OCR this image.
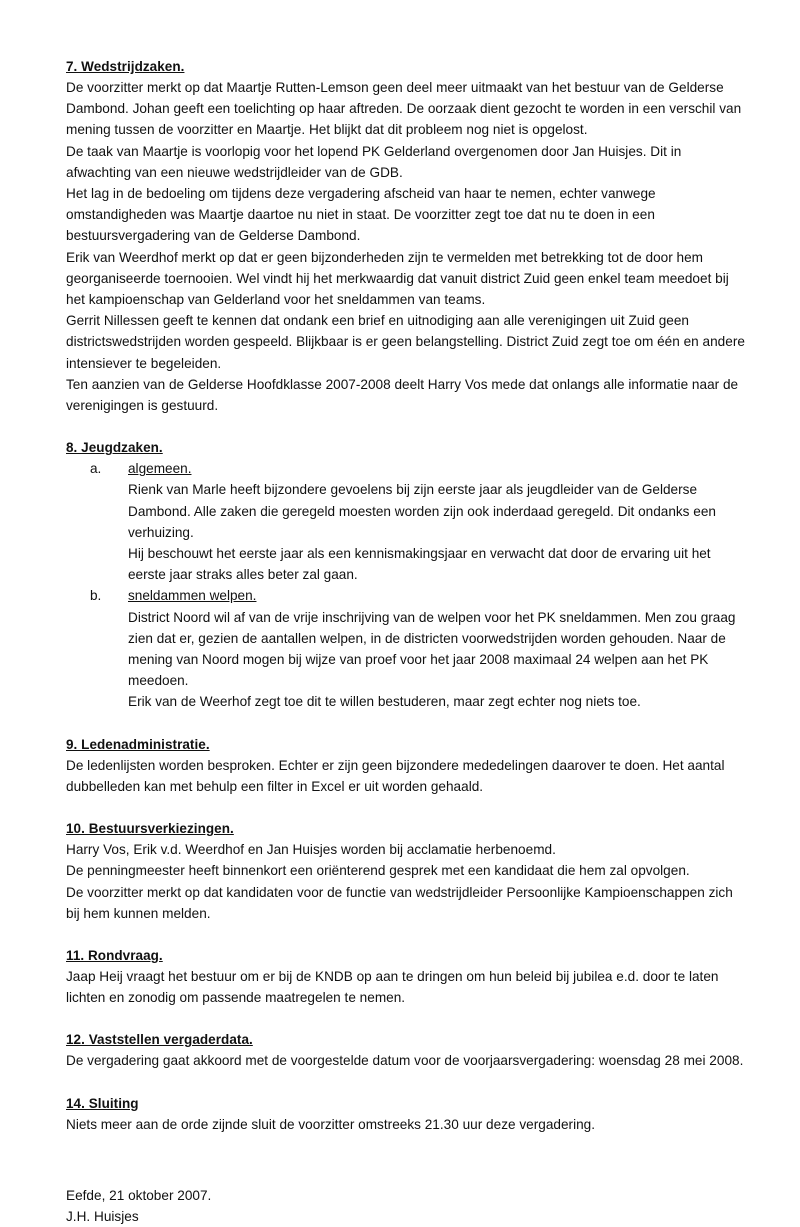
7. Wedstrijdzaken.

De voorzitter merkt op dat Maartje Rutten-Lemson geen deel meer uitmaakt van het bestuur van de Gelderse Dambond. Johan geeft een toelichting op haar aftreden. De oorzaak dient gezocht te worden in een verschil van mening tussen de voorzitter en Maartje. Het blijkt dat dit probleem nog niet is opgelost.

De taak van Maartje is voorlopig voor het lopend PK Gelderland overgenomen door Jan Huisjes. Dit in afwachting van een nieuwe wedstrijdleider van de GDB.

Het lag in de bedoeling om tijdens deze vergadering afscheid van haar te nemen, echter vanwege omstandigheden was Maartje daartoe nu niet in staat. De voorzitter zegt toe dat nu te doen in een bestuursvergadering van de Gelderse Dambond.

Erik van Weerdhof merkt op dat er geen bijzonderheden zijn te vermelden met betrekking tot de door hem georganiseerde toernooien. Wel vindt hij het merkwaardig dat vanuit district Zuid geen enkel team meedoet bij het kampioenschap van Gelderland voor het sneldammen van teams.

Gerrit Nillessen geeft te kennen dat ondank een brief en uitnodiging aan alle verenigingen uit Zuid geen districtswedstrijden worden gespeeld. Blijkbaar is er geen belangstelling. District Zuid zegt toe om één en andere intensiever te begeleiden.

Ten aanzien van de Gelderse Hoofdklasse 2007-2008 deelt Harry Vos mede dat onlangs alle informatie naar de verenigingen is gestuurd.

8. Jeugdzaken.
a. algemeen.

Rienk van Marle heeft bijzondere gevoelens bij zijn eerste jaar als jeugdleider van de Gelderse Dambond. Alle zaken die geregeld moesten worden zijn ook inderdaad geregeld. Dit ondanks een verhuizing.

Hij beschouwt het eerste jaar als een kennismakingsjaar en verwacht dat door de ervaring uit het eerste jaar straks alles beter zal gaan.

b. sneldammen welpen.

District Noord wil af van de vrije inschrijving van de welpen voor het PK sneldammen. Men zou graag zien dat er, gezien de aantallen welpen, in de districten voorwedstrijden worden gehouden. Naar de mening van Noord mogen bij wijze van proef voor het jaar 2008 maximaal 24 welpen aan het PK meedoen.

Erik van de Weerhof zegt toe dit te willen bestuderen, maar zegt echter nog niets toe.

9. Ledenadministratie.

De ledenlijsten worden besproken. Echter er zijn geen bijzondere mededelingen daarover te doen. Het aantal dubbelleden kan met behulp een filter in Excel er uit worden gehaald.

10. Bestuursverkiezingen.

Harry Vos, Erik v.d. Weerdhof en Jan Huisjes worden bij acclamatie herbenoemd.

De penningmeester heeft binnenkort een oriënterend gesprek met een kandidaat die hem zal opvolgen.

De voorzitter merkt op dat kandidaten voor de functie van wedstrijdleider Persoonlijke Kampioenschappen zich bij hem kunnen melden.

11. Rondvraag.

Jaap Heij vraagt het bestuur om er bij de KNDB op aan te dringen om hun beleid bij jubilea e.d. door te laten lichten en zonodig om passende maatregelen te nemen.

12. Vaststellen vergaderdata.

De vergadering gaat akkoord met de voorgestelde datum voor de voorjaarsvergadering: woensdag 28 mei 2008.

14. Sluiting

Niets meer aan de orde zijnde sluit de voorzitter omstreeks 21.30 uur deze vergadering.

Eefde, 21 oktober 2007.

J.H. Huisjes
